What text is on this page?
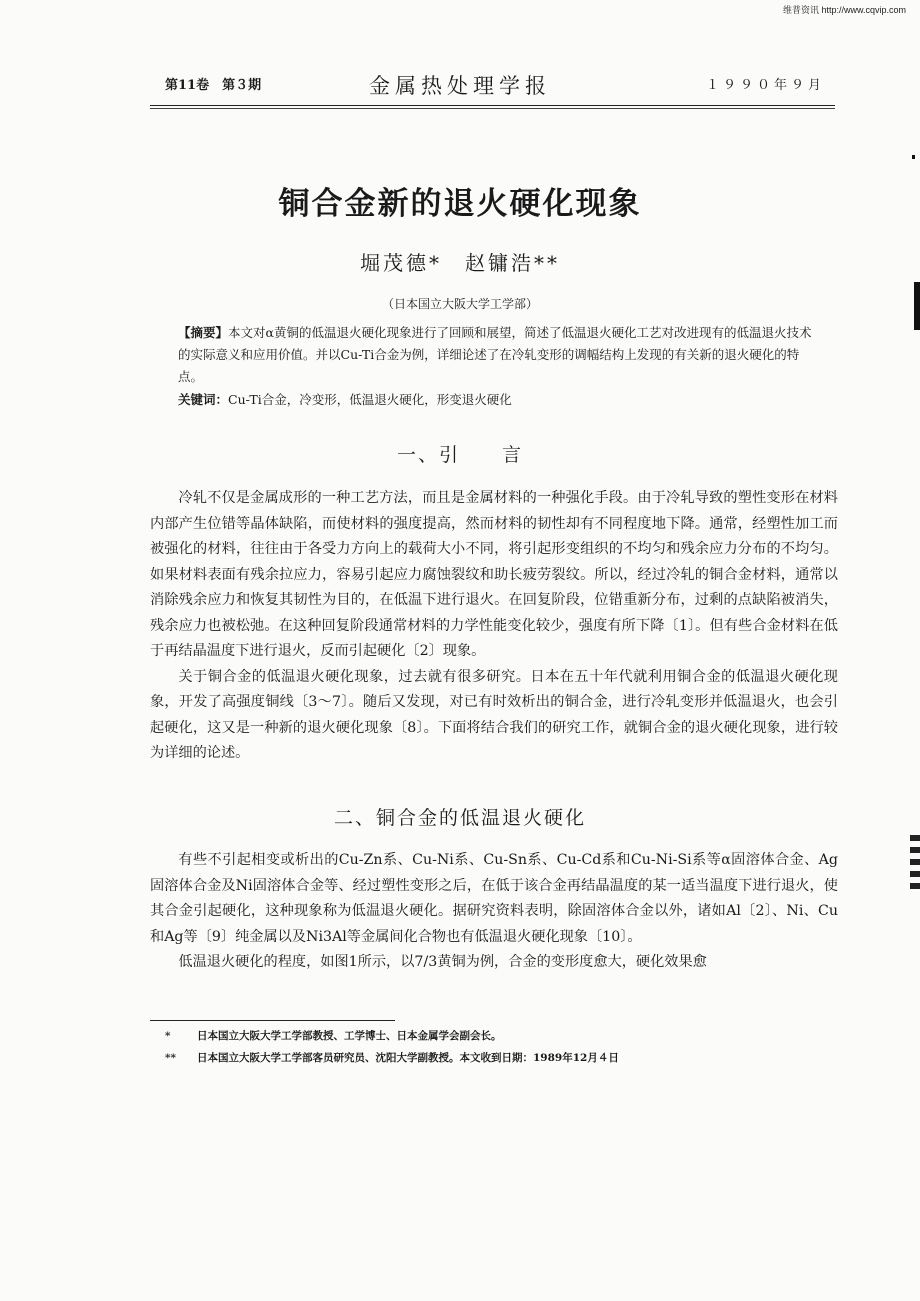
维普资讯 http://www.cqvip.com
第11卷　第３期	金属热处理学报	１９９０年９月
铜合金新的退火硬化现象
堀茂德*　赵镛浩**
（日本国立大阪大学工学部）
【摘要】本文对α黄铜的低温退火硬化现象进行了回顾和展望，简述了低温退火硬化工艺对改进现有的低温退火技术的实际意义和应用价值。并以Cu-Ti合金为例，详细论述了在冷轧变形的调幅结构上发现的有关新的退火硬化的特点。
关键词：Cu-Ti合金，冷变形，低温退火硬化，形变退火硬化
一、引　　言
冷轧不仅是金属成形的一种工艺方法，而且是金属材料的一种强化手段。由于冷轧导致的塑性变形在材料内部产生位错等晶体缺陷，而使材料的强度提高，然而材料的韧性却有不同程度地下降。通常，经塑性加工而被强化的材料，往往由于各受力方向上的载荷大小不同，将引起形变组织的不均匀和残余应力分布的不均匀。如果材料表面有残余拉应力，容易引起应力腐蚀裂纹和助长疲劳裂纹。所以，经过冷轧的铜合金材料，通常以消除残余应力和恢复其韧性为目的，在低温下进行退火。在回复阶段，位错重新分布，过剩的点缺陷被消失，残余应力也被松弛。在这种回复阶段通常材料的力学性能变化较少，强度有所下降〔1〕。但有些合金材料在低于再结晶温度下进行退火，反而引起硬化〔2〕现象。
关于铜合金的低温退火硬化现象，过去就有很多研究。日本在五十年代就利用铜合金的低温退火硬化现象，开发了高强度铜线〔3～7〕。随后又发现，对已有时效析出的铜合金，进行冷轧变形并低温退火，也会引起硬化，这又是一种新的退火硬化现象〔8〕。下面将结合我们的研究工作，就铜合金的退火硬化现象，进行较为详细的论述。
二、铜合金的低温退火硬化
有些不引起相变或析出的Cu-Zn系、Cu-Ni系、Cu-Sn系、Cu-Cd系和Cu-Ni-Si系等α固溶体合金、Ag固溶体合金及Ni固溶体合金等、经过塑性变形之后，在低于该合金再结晶温度的某一适当温度下进行退火，使其合金引起硬化，这种现象称为低温退火硬化。据研究资料表明，除固溶体合金以外，诸如Al〔2〕、Ni、Cu和Ag等〔9〕纯金属以及Ni3Al等金属间化合物也有低温退火硬化现象〔10〕。
低温退火硬化的程度，如图1所示，以7/3黄铜为例，合金的变形度愈大，硬化效果愈
*	日本国立大阪大学工学部教授、工学博士、日本金属学会副会长。
** 日本国立大阪大学工学部客员研究员、沈阳大学副教授。本文收到日期：1989年12月４日
